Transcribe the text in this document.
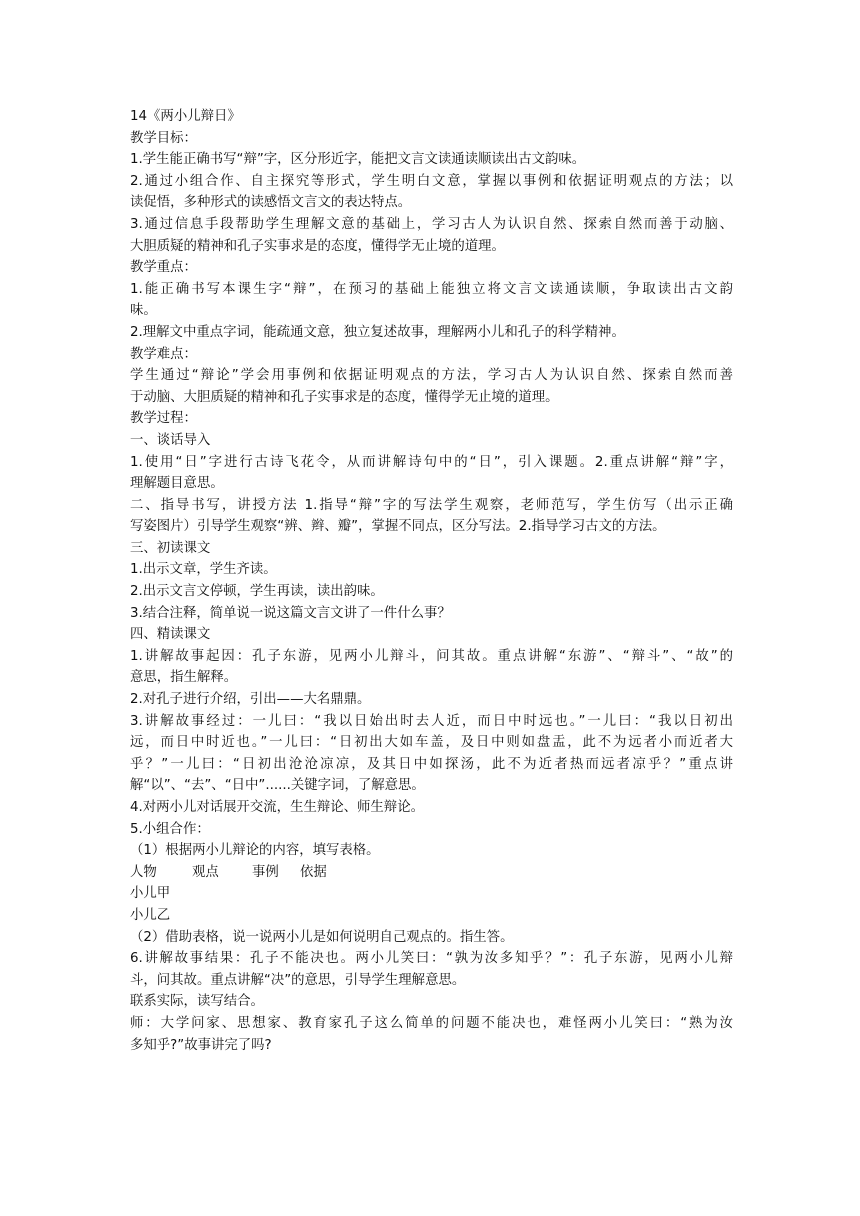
14《两小儿辩日》
教学目标：
1.学生能正确书写“辩”字，区分形近字，能把文言文读通读顺读出古文韵味。
2.通过小组合作、自主探究等形式，学生明白文意，掌握以事例和依据证明观点的方法；以
读促悟，多种形式的读感悟文言文的表达特点。
3.通过信息手段帮助学生理解文意的基础上，学习古人为认识自然、探索自然而善于动脑、
大胆质疑的精神和孔子实事求是的态度，懂得学无止境的道理。
教学重点：
1.能正确书写本课生字“辩”，在预习的基础上能独立将文言文读通读顺，争取读出古文韵
味。
2.理解文中重点字词，能疏通文意，独立复述故事，理解两小儿和孔子的科学精神。
教学难点：
学生通过“辩论”学会用事例和依据证明观点的方法，学习古人为认识自然、探索自然而善
于动脑、大胆质疑的精神和孔子实事求是的态度，懂得学无止境的道理。
教学过程：
一、谈话导入
1.使用“日”字进行古诗飞花令，从而讲解诗句中的“日”，引入课题。2.重点讲解“辩”字，
理解题目意思。
二、指导书写，讲授方法 1.指导“辩”字的写法学生观察，老师范写，学生仿写（出示正确
写姿图片）引导学生观察“辨、辫、瓣”，掌握不同点，区分写法。2.指导学习古文的方法。
三、初读课文
1.出示文章，学生齐读。
2.出示文言文停顿，学生再读，读出韵味。
3.结合注释，简单说一说这篇文言文讲了一件什么事？
四、精读课文
1.讲解故事起因：孔子东游，见两小儿辩斗，问其故。重点讲解“东游”、“辩斗”、“故”的
意思，指生解释。
2.对孔子进行介绍，引出——大名鼎鼎。
3.讲解故事经过：一儿曰：“我以日始出时去人近，而日中时远也。”一儿曰：“我以日初出
远，而日中时近也。”一儿曰：“日初出大如车盖，及日中则如盘盂，此不为远者小而近者大
乎？”一儿曰：“日初出沧沧凉凉，及其日中如探汤，此不为近者热而远者凉乎？”重点讲
解“以”、“去”、“日中”......关键字词，了解意思。
4.对两小儿对话展开交流，生生辩论、师生辩论。
5.小组合作：
（1）根据两小儿辩论的内容，填写表格。
人物	观点	事例	依据
小儿甲
小儿乙
（2）借助表格，说一说两小儿是如何说明自己观点的。指生答。
6.讲解故事结果：孔子不能决也。两小儿笑曰：“孰为汝多知乎？”：孔子东游，见两小儿辩
斗，问其故。重点讲解“决”的意思，引导学生理解意思。
联系实际，读写结合。
师：大学问家、思想家、教育家孔子这么简单的问题不能决也，难怪两小儿笑曰：“熟为汝
多知乎?”故事讲完了吗?
